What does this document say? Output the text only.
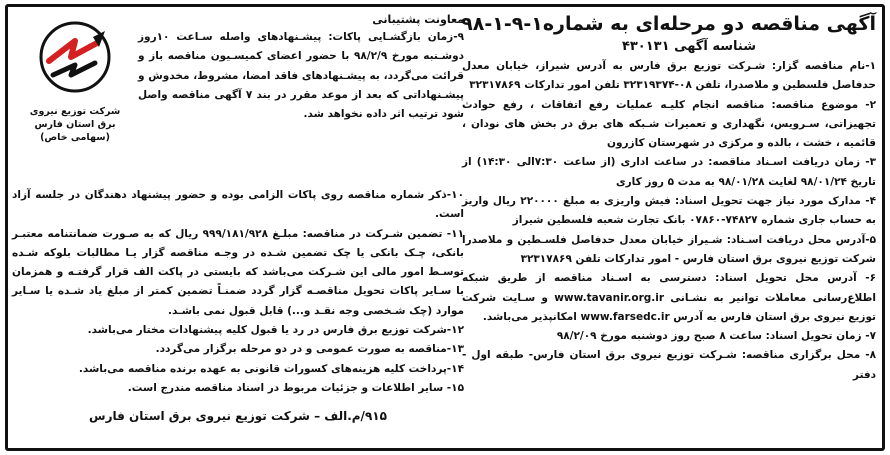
آگهی مناقصه دو مرحله‌ای به شماره۱-۹-۱-۹۸
شناسه آگهی ۴۳۰۱۳۱
۱-نام مناقصه گزار: شـرکت توزیع برق فارس به آدرس شیراز، خیابان معدل حدفاصل فلسطین و ملاصدرا، تلفن ۰۸-۳۲۳۱۹۳۷۴ تلفن امور تدارکات ۳۲۳۱۷۸۶۹
۲- موضوع مناقصه: مناقصه انجام کلیـه عملیات رفع اتفاقات ، رفع حوادث تجهیزاتی، سـرویس، نگهداری و تعمیرات شـبکه های برق در بخش های نودان ، قائمیه ، خشت ، بالده و مرکزی در شهرستان کازرون
۳- زمان دریافت اسـناد مناقصه: در ساعت اداری (از ساعت ۷:۳۰الی ۱۴:۳۰) از تاریخ ۹۸/۰۱/۲۴ لغایت ۹۸/۰۱/۲۸ به مدت ۵ روز کاری
۴- مدارک مورد نیاز جهت تحویل اسناد: فیش واریزی به مبلغ ۲۲۰۰۰۰ ریال واریز به حساب جاری شماره ۷۴۸۲۷-۰۷۸۶۰ بانک تجارت شعبه فلسطین شیراز
۵-آدرس محل دریافت اسـناد: شـیراز خیابان معدل حدفاصل فلسـطین و ملاصدرا شرکت توزیع نیروی برق استان فارس - امور تدارکات تلفن ۳۲۳۱۷۸۶۹
۶- آدرس محل تحویل اسناد: دسترسی به اسـناد مناقصه از طریق شبکه اطلاع‌رسانی معاملات توانیر به نشـانی www.tavanir.org.ir و سـایت شرکت توزیع نیروی برق استان فارس به آدرس www.farsedc.ir امکانپذیر می‌باشد.
۷- زمان تحویل اسناد: ساعت ۸ صبح روز دوشنبه مورخ ۹۸/۲/۰۹
۸- محل برگزاری مناقصه: شـرکت توزیع نیروی برق استان فارس- طبقه اول - دفتر
شرکت توزیع نیروی
برق استان فارس
(سهامی خاص)
معاونت پشتیبانی
۹-زمان بازگشـایی پاکات: پیشـنهادهای واصله سـاعت ۱۰روز دوشـنبه مورخ ۹۸/۲/۹ با حضور اعضای کمیسـیون مناقصه باز و قرائت می‌گردد، به پیشـنهادهای فاقد امضا، مشروط، مخدوش و پیشـنهاداتی که بعد از موعد مقرر در بند ۷ آگهی مناقصه واصل شود ترتیب اثر داده نخواهد شد.
۱۰-ذکر شماره مناقصه روی پاکات الزامی بوده و حضور پیشنهاد دهندگان در جلسه آزاد است.
۱۱- تضمین شـرکت در مناقصه: مبلـغ ۹۹۹/۱۸۱/۹۲۸ ریال که به صـورت ضمانتنامه معتبـر بانکی، چـک بانکی یا چک تضمین شـده در وجـه مناقصه گزار یـا مطالبات بلوکه شـده توسـط امور مالی این شـرکت می‌باشد که بایستی در پاکت الف قرار گرفتـه و همزمان با سـایر پاکات تحویل مناقصـه گزار گردد ضمنـاً تضمین کمتر از مبلغ یاد شـده یا سـایر موارد (چک شـخصی وجه نقـد و...) قابل قبول نمی باشـد.
۱۲-شرکت توزیع برق فارس در رد یا قبول کلیه پیشنهادات مختار می‌باشد.
۱۳-مناقصه به صورت عمومی و در دو مرحله برگزار می‌گردد.
۱۴-پرداخت کلیه هزینه‌های کسورات قانونی به عهده برنده مناقصه می‌باشد.
۱۵- سایر اطلاعات و جزئیات مربوط در اسناد مناقصه مندرج است.
۹۱۵/م.الف – شرکت توزیع نیروی برق استان فارس
